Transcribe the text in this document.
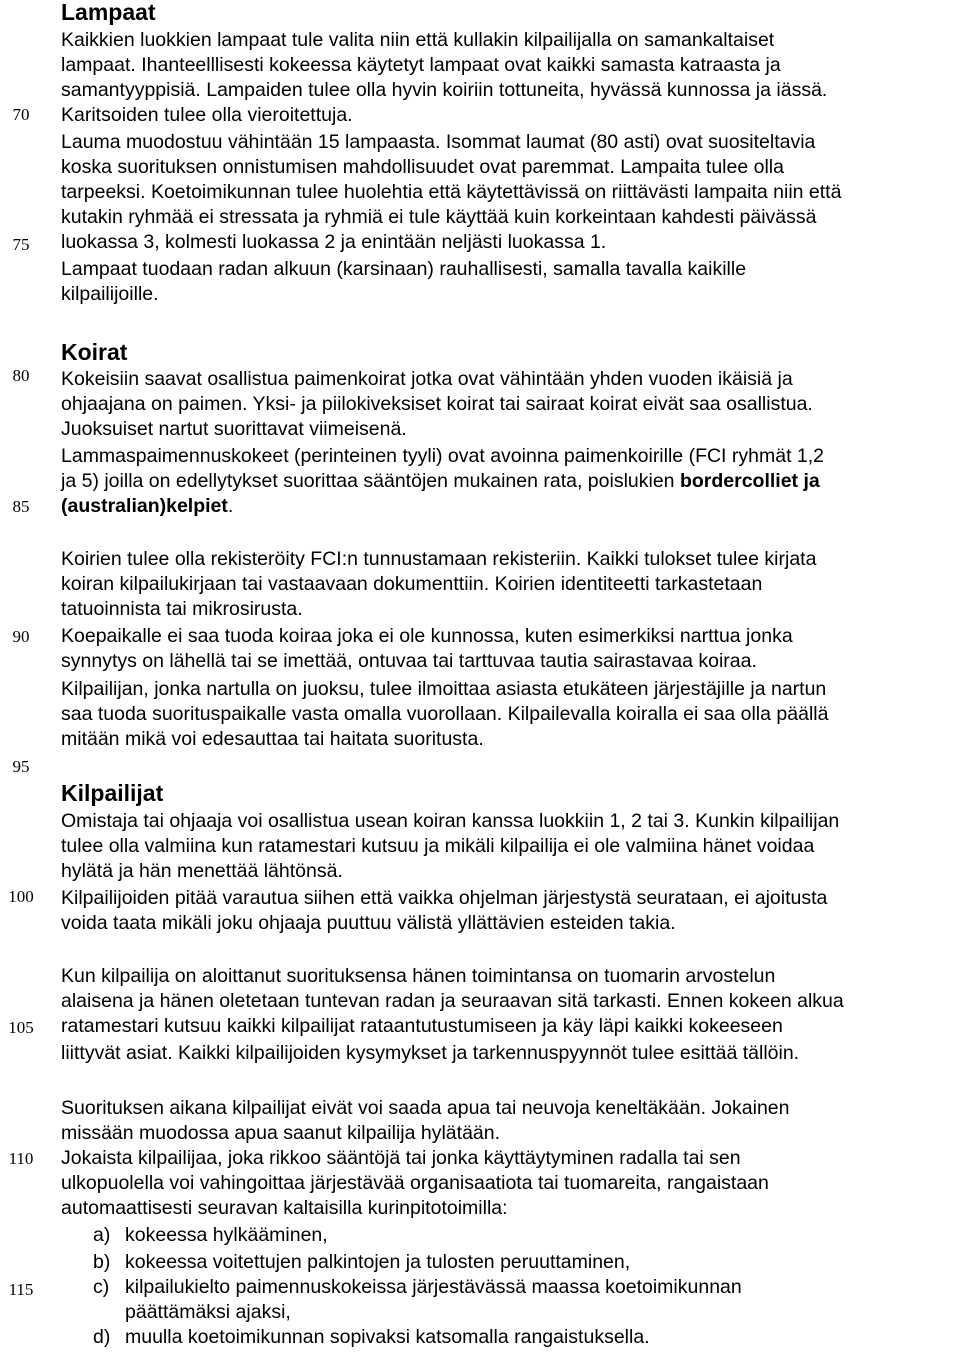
70
75
80
85
90
95
100
105
110
115
Lampaat
Kaikkien luokkien lampaat tule valita niin että kullakin kilpailijalla on samankaltaiset
lampaat. Ihanteelllisesti kokeessa käytetyt lampaat ovat kaikki samasta katraasta ja
samantyyppisiä. Lampaiden tulee olla hyvin koiriin tottuneita, hyvässä kunnossa ja iässä.
Karitsoiden tulee olla vieroitettuja.
Lauma muodostuu vähintään 15 lampaasta. Isommat laumat (80 asti) ovat suositeltavia
koska suorituksen onnistumisen mahdollisuudet ovat paremmat. Lampaita tulee olla
tarpeeksi. Koetoimikunnan tulee huolehtia että käytettävissä on riittävästi lampaita niin että
kutakin ryhmää ei stressata ja ryhmiä ei tule käyttää kuin korkeintaan kahdesti päivässä
luokassa 3, kolmesti luokassa 2 ja enintään neljästi luokassa 1.
Lampaat tuodaan radan alkuun (karsinaan) rauhallisesti, samalla tavalla kaikille
kilpailijoille.
Koirat
Kokeisiin saavat osallistua paimenkoirat jotka ovat vähintään yhden vuoden ikäisiä ja
ohjaajana on paimen. Yksi- ja piilokiveksiset koirat tai sairaat koirat eivät saa osallistua.
Juoksuiset nartut suorittavat viimeisenä.
Lammaspaimennuskokeet (perinteinen tyyli) ovat avoinna paimenkoirille (FCI ryhmät 1,2
ja 5) joilla on edellytykset suorittaa sääntöjen mukainen rata, poislukien bordercolliet ja
(australian)kelpiet.
Koirien tulee olla rekisteröity FCI:n tunnustamaan rekisteriin. Kaikki tulokset tulee kirjata
koiran kilpailukirjaan tai vastaavaan dokumenttiin. Koirien identiteetti tarkastetaan
tatuoinnista tai mikrosirusta.
Koepaikalle ei saa tuoda koiraa joka ei ole kunnossa, kuten esimerkiksi narttua jonka
synnytys on lähellä tai se imettää, ontuvaa tai tarttuvaa tautia sairastavaa koiraa.
Kilpailijan, jonka nartulla on juoksu, tulee ilmoittaa asiasta etukäteen järjestäjille ja nartun
saa tuoda suorituspaikalle vasta omalla vuorollaan. Kilpailevalla koiralla ei saa olla päällä
mitään mikä voi edesauttaa tai haitata suoritusta.
Kilpailijat
Omistaja tai ohjaaja voi osallistua usean koiran kanssa luokkiin 1, 2 tai 3. Kunkin kilpailijan
tulee olla valmiina kun ratamestari kutsuu ja mikäli kilpailija ei ole valmiina hänet voidaa
hylätä ja hän menettää lähtönsä.
Kilpailijoiden pitää varautua siihen että vaikka ohjelman järjestystä seurataan, ei ajoitusta
voida taata mikäli joku ohjaaja puuttuu välistä yllättävien esteiden takia.
Kun kilpailija on aloittanut suorituksensa hänen toimintansa on tuomarin arvostelun
alaisena ja hänen oletetaan tuntevan radan ja seuraavan sitä tarkasti. Ennen kokeen alkua
ratamestari kutsuu kaikki kilpailijat rataantutustumiseen ja käy läpi kaikki kokeeseen
liittyvät asiat. Kaikki kilpailijoiden kysymykset ja tarkennuspyynnöt tulee esittää tällöin.
Suorituksen aikana kilpailijat eivät voi saada apua tai neuvoja keneltäkään. Jokainen
missään muodossa apua saanut kilpailija hylätään.
Jokaista kilpailijaa, joka rikkoo sääntöjä tai jonka käyttäytyminen radalla tai sen
ulkopuolella voi vahingoittaa järjestävää organisaatiota tai tuomareita, rangaistaan
automaattisesti seuravan kaltaisilla kurinpitotoimilla:
a) kokeessa hylkääminen,
b) kokeessa voitettujen palkintojen ja tulosten peruuttaminen,
c) kilpailukielto paimennuskokeissa järjestävässä maassa koetoimikunnan
päättämäksi ajaksi,
d) muulla koetoimikunnan sopivaksi katsomalla rangaistuksella.
